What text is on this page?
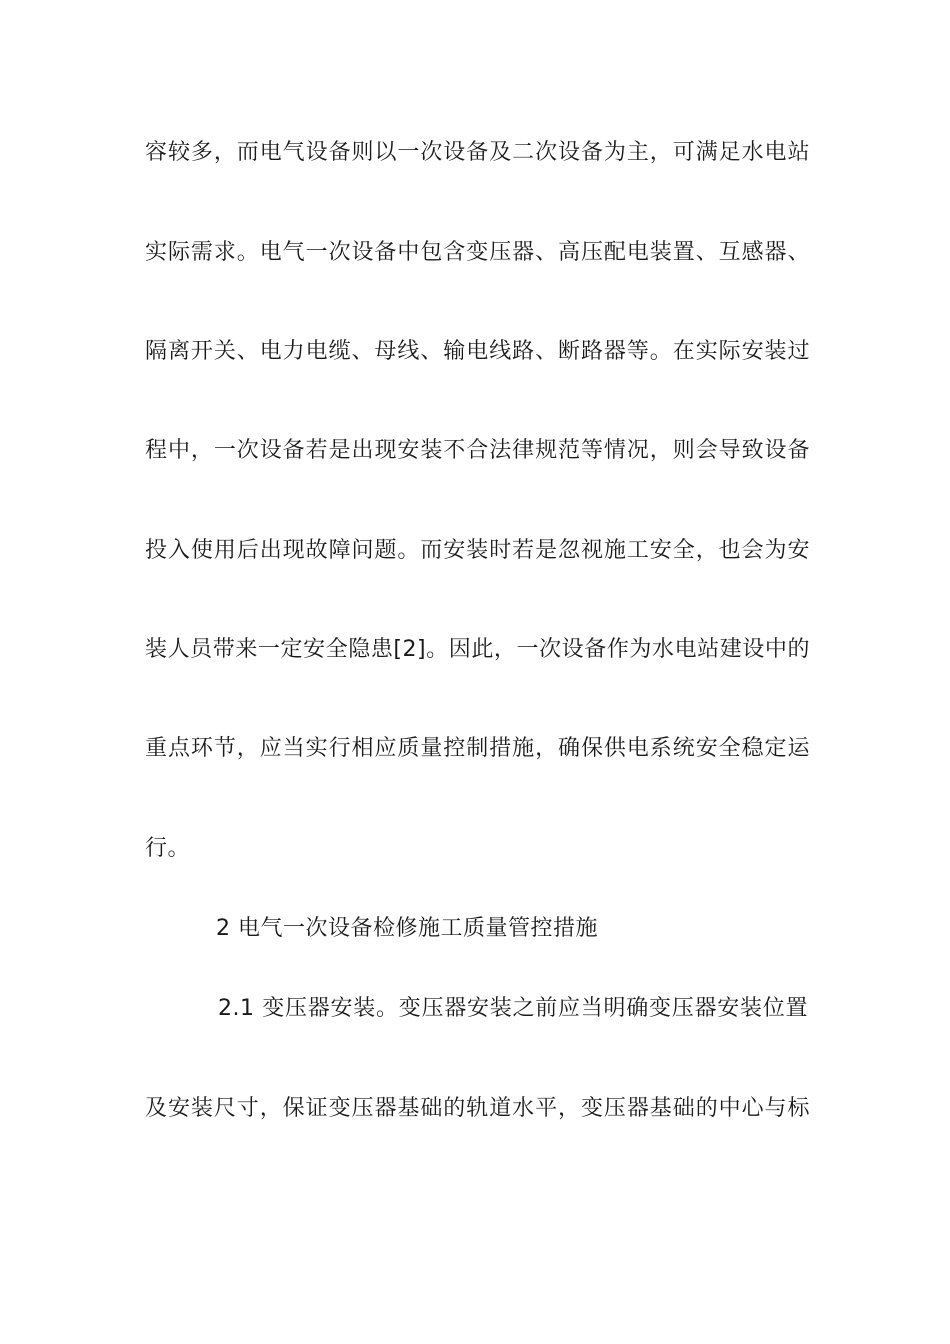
容较多，而电气设备则以一次设备及二次设备为主，可满足水电站
实际需求。电气一次设备中包含变压器、高压配电装置、互感器、
隔离开关、电力电缆、母线、输电线路、断路器等。在实际安装过
程中，一次设备若是出现安装不合法律规范等情况，则会导致设备
投入使用后出现故障问题。而安装时若是忽视施工安全，也会为安
装人员带来一定安全隐患[2]。因此，一次设备作为水电站建设中的
重点环节，应当实行相应质量控制措施，确保供电系统安全稳定运
行。
2 电气一次设备检修施工质量管控措施
2.1 变压器安装。变压器安装之前应当明确变压器安装位置
及安装尺寸，保证变压器基础的轨道水平，变压器基础的中心与标
